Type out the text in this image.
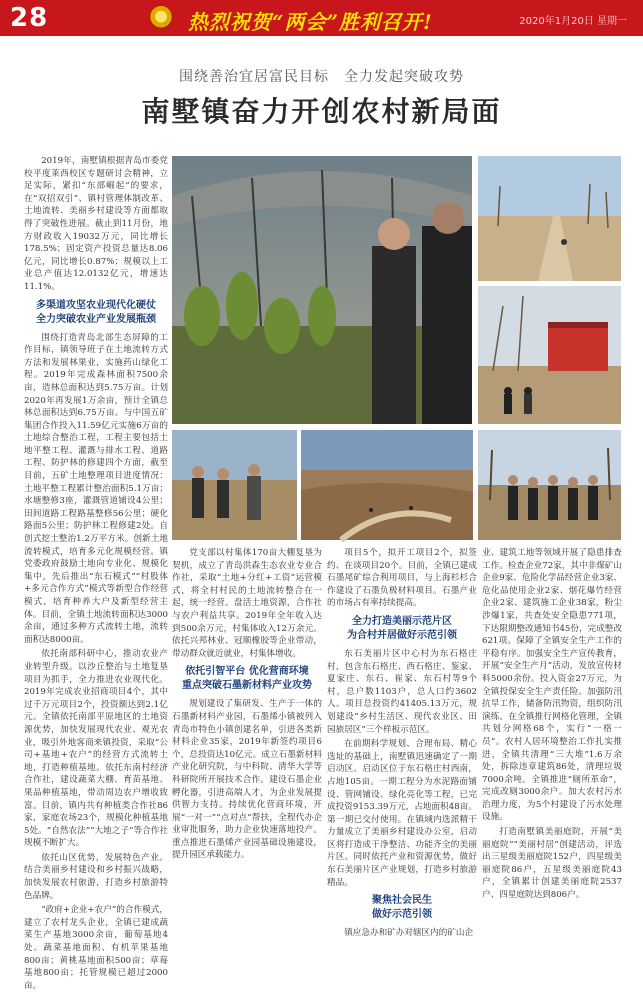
28	热烈祝贺“两会”胜利召开!	2020年1月20日 星期一
围绕善治宜居富民目标　全力发起突破攻势
南墅镇奋力开创农村新局面

2019年，南墅镇根据青岛市委党校平度莱西校区专题研讨会精神，立足实际，紧扣“东部崛起”的要求，在“双招双引”、镇村管理体制改革、土地流转、美丽乡村建设等方面都取得了突破性进展。截止到11月份，地方财政收入19032万元，同比增长178.5%；固定资产投资总量达8.06亿元，同比增长0.87%；规模以上工业总产值达12.0132亿元，增速达11.1%。

多渠道攻坚农业现代化硬仗
全力突破农业产业发展瓶颈

围绕打造青岛北部生态屏障的工作目标，镇领导班子在土地流转方式方法和发展林果业，实施药山绿化工程。2019年完成森林面积7500余亩，造林总面积达到5.75万亩。计划2020年再发展1万余亩，预计全镇总林总面积达到6.75万亩。与中国五矿集团合作投入11.59亿元实施6万亩的土地综合整治工程，工程主要包括土地平整工程、灌溉与排水工程、道路工程、防护林的修建四个方面，截至目前，五矿土地整理项目进度情况：土地平整工程累计整治面积5.1万亩；水塘整修3座，灌溉管道铺设4公里；田间道路工程路基整修56公里；硬化路面5公里；防护林工程修建2处。自创式挖土整治1.2万平方米。创新土地流转模式，培育多元化规模经营。镇党委政府鼓励土地向专业化、规模化集中，先后推出“东石模式”“村股体+多元合作方式”模式等新型合作经营模式，培育种养大户及新型经营主体。目前，全镇土地流转面积达3000余亩，通过多种方式流转土地，流转面积达8000亩。

依托南部科研中心，推动农业产业转型升级。以沙丘整治与土地复垦项目为抓手，全力推进农业现代化。2019年完成农业招商项目4个，其中过千万元项目2个，投资额达到2.1亿元。全镇依托南部平原地区的土地资源优势，加快发展现代农业、观光农业，吸引外地客商来镇投资，采取“公司+基地+农户”的经营方式流转土地，打造种植基地。依托东南村经济合作社，建设蔬菜大棚、育苗基地、果品种植基地，带动周边农户增收致富。目前，镇内共有种植类合作社86家，家庭农场23个，规模化种植基地5处。“自然农法”“大地之子”等合作社规模不断扩大。

依托山区优势，发展特色产业。结合美丽乡村建设和乡村振兴战略，加快发展农村旅游，打造乡村旅游特色品牌。

“政府+企业+农户”的合作模式，建立了农村龙头企业，全镇已建成蔬菜生产基地3000余亩，葡萄基地4处。蔬菜基地面积、有机苹果基地800亩；黄桃基地面积500亩；草莓基地800亩；托管规模已超过2000亩。

党支部以村集体170亩大棚复垦为契机，成立了青岛洪森生态农业专业合作社，采取“土地+分红+工资”运营模式，将全村村民的土地流转整合在一起，统一经营。盘活土地资源，合作社与农户利益共享。2019年全年收入达到500余万元，村集体收入12万余元。依托兴邦林业、冠顺橡胶等企业带动，带动群众就近就业，村集体增收。

依托引智平台 优化营商环境
重点突破石墨新材料产业攻势

规划建设了集研发、生产于一体的石墨新材料产业园，石墨烯小镇被列入青岛市特色小镇创建名单，引进各类新材料企业35家，2019年新签约项目6个，总投资达10亿元。成立石墨新材料产业化研究院，与中科院、清华大学等科研院所开展技术合作。建设石墨企业孵化器，引进高端人才，为企业发展提供智力支持。持续优化营商环境，开展“一对一”“点对点”帮扶，全程代办企业审批服务，助力企业快速落地投产。重点推进石墨烯产业园基础设施建设，提升园区承载能力。

项目5个，拟开工项目2个，拟签约、在谈项目20个。目前，全镇已建成石墨尾矿综合利用项目，与上海杉杉合作建设了石墨负极材料项目。石墨产业的市场占有率持续提高。

全力打造美丽示范片区
为合村并居做好示范引领

东石美丽片区中心村为东石格庄村，包含东石格庄、西石格庄、鉴家、夏家庄、东石、崔家、东石村等9个村，总户数1103户，总人口约3602人。项目总投资约41405.13万元，规划建设“乡村生活区、现代农业区、田园旅居区”三个样板示范区。

在前期科学规划、合理布局、精心选址的基础上，南墅镇迅速确定了一期启动区。启动区位于东石格庄村西南，占地105亩。一期工程分为水泥路面铺设、管网铺设、绿化亮化等工程，已完成投资9153.39万元，占地面积48亩。第一期已交付使用。在镇域内选派精干力量成立了美丽乡村建设办公室，启动区将打造成干净整洁、功能齐全的美丽片区。同时依托产业和资源优势，做好东石美丽片区产业规划，打造乡村旅游精品。

聚焦社会民生
做好示范引领

镇应急办和矿办对辖区内的矿山企

业、建筑工地等领域开展了隐患排查工作。检查企业72家，其中非煤矿山企业9家、危险化学品经营企业3家、危化品使用企业2家、烟花爆竹经营企业2家、建筑施工企业38家，粉尘涉爆1家，共查处安全隐患771项，下达限期整改通知书45份，完成整改621项。保障了全镇安全生产工作的平稳有序。加强安全生产宣传教育，开展“安全生产月”活动，发放宣传材料5000余份。投入资金27万元，为全镇投保安全生产责任险。加强防汛抗旱工作，储备防汛物资，组织防汛演练。在全镇推行网格化管理，全镇共划分网格68个，实行“一格一员”。农村人居环境整治工作扎实推进，全镇共清理“三大堆”1.6万余处，拆除违章建筑86处，清理垃圾7000余吨。全镇推进“厕所革命”，完成改厕3000余户。加大农村污水治理力度，为5个村建设了污水处理设施。

打造南墅镇美丽庭院，开展“美丽庭院”“美丽村居”创建活动，评选出三星级美丽庭院152户，四星级美丽庭院86户，五星级美丽庭院43户，全镇累计创建美丽庭院2537户、四星庭院达到806户。
